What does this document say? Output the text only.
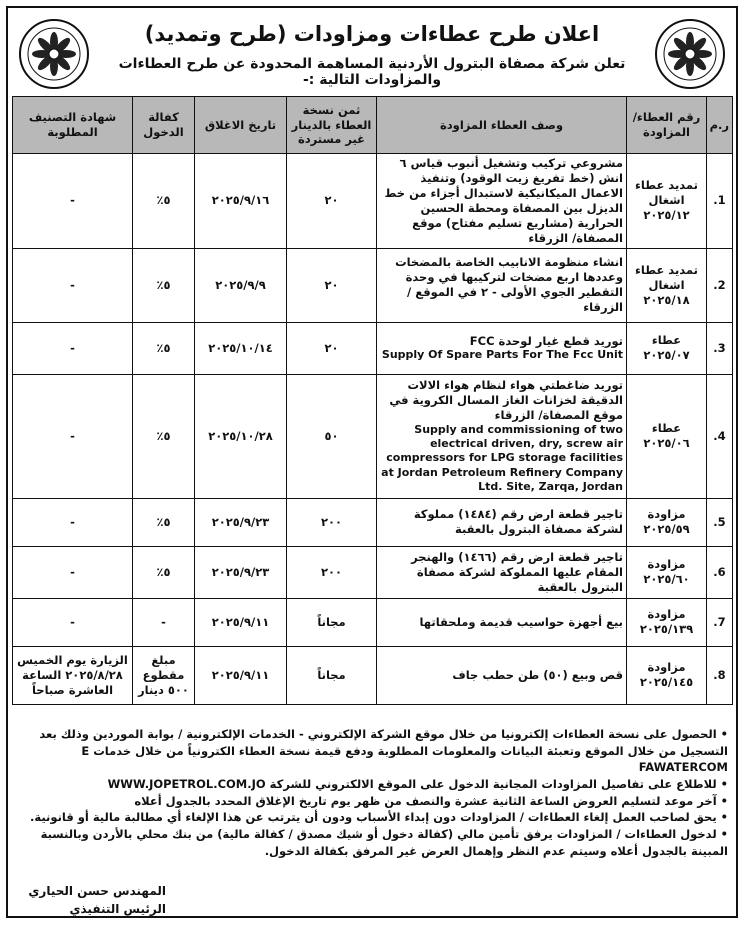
اعلان طرح عطاءات ومزاودات (طرح وتمديد)
تعلن شركة مصفاة البترول الأردنية المساهمة المحدودة عن طرح العطاءات والمزاودات التالية :-
ر.م	رقم العطاء/ المزاودة	وصف العطاء المزاودة	ثمن نسخة العطاء بالدينار غير مستردة	تاريخ الاغلاق	كفالة الدخول	شهادة التصنيف المطلوبة
1.	تمديد عطاء اشغال ٢٠٢٥/١٢	مشروعي تركيب وتشغيل أنبوب قياس ٦ انش (خط تفريغ زيت الوقود) وتنفيذ الاعمال الميكانيكية لاستبدال أجزاء من خط الديزل بين المصفاة ومحطة الحسين الحرارية (مشاريع تسليم مفتاح) موقع المصفاة/ الزرقاء	٢٠	٢٠٢٥/٩/١٦	٥٪	-
2.	تمديد عطاء اشغال ٢٠٢٥/١٨	انشاء منظومة الانابيب الخاصة بالمضخات وعددها اربع مضخات لتركيبها في وحدة التقطير الجوي الأولى - ٢ في الموقع / الزرقاء	٢٠	٢٠٢٥/٩/٩	٥٪	-
3.	عطاء ٢٠٢٥/٠٧	توريد قطع غيار لوحدة FCC
Supply Of Spare Parts For The Fcc Unit	٢٠	٢٠٢٥/١٠/١٤	٥٪	-
4.	عطاء ٢٠٢٥/٠٦	توريد ضاغطتي هواء لنظام هواء الالات الدقيقة لخزانات الغاز المسال الكروية في موقع المصفاة/ الزرقاء
Supply and commissioning of two electrical driven, dry, screw air compressors for LPG storage facilities at Jordan Petroleum Refinery Company Ltd. Site, Zarqa, Jordan	٥٠	٢٠٢٥/١٠/٢٨	٥٪	-
5.	مزاودة ٢٠٢٥/٥٩	تاجير قطعة ارض رقم (١٤٨٤) مملوكة لشركة مصفاة البترول بالعقبة	٢٠٠	٢٠٢٥/٩/٢٣	٥٪	-
6.	مزاودة ٢٠٢٥/٦٠	تاجير قطعة ارض رقم (١٤٦٦) والهنجر المقام عليها المملوكة لشركة مصفاة البترول بالعقبة	٢٠٠	٢٠٢٥/٩/٢٣	٥٪	-
7.	مزاودة ٢٠٢٥/١٣٩	بيع أجهزة حواسيب قديمة وملحقاتها	مجاناً	٢٠٢٥/٩/١١	-	-
8.	مزاودة ٢٠٢٥/١٤٥	قص وبيع (٥٠) طن حطب جاف	مجاناً	٢٠٢٥/٩/١١	مبلغ مقطوع ٥٠٠ دينار	الزيارة يوم الخميس ٢٠٢٥/٨/٢٨ الساعة العاشرة صباحاً

• الحصول على نسخة العطاءات إلكترونيا من خلال موقع الشركة الإلكتروني - الخدمات الإلكترونية / بوابة الموردين وذلك بعد التسجيل من خلال الموقع وتعبئة البيانات والمعلومات المطلوبة ودفع قيمة نسخة العطاء الكترونياً من خلال خدمات E FAWATERCOM

• للاطلاع على تفاصيل المزاودات المجانية الدخول على الموقع الالكتروني للشركة WWW.JOPETROL.COM.JO

• آخر موعد لتسليم العروض الساعة الثانية عشرة والنصف من ظهر يوم تاريخ الإغلاق المحدد بالجدول أعلاه

• يحق لصاحب العمل إلغاء العطاءات / المزاودات دون إبداء الأسباب ودون أن يترتب عن هذا الإلغاء أي مطالبة مالية أو قانونية.

• لدخول العطاءات / المزاودات يرفق تأمين مالي (كفالة دخول أو شيك مصدق / كفالة مالية) من بنك محلي بالأردن وبالنسبة المبينة بالجدول أعلاه وسيتم عدم النظر وإهمال العرض غير المرفق بكفالة الدخول.

المهندس حسن الحياري
الرئيس التنفيذي
